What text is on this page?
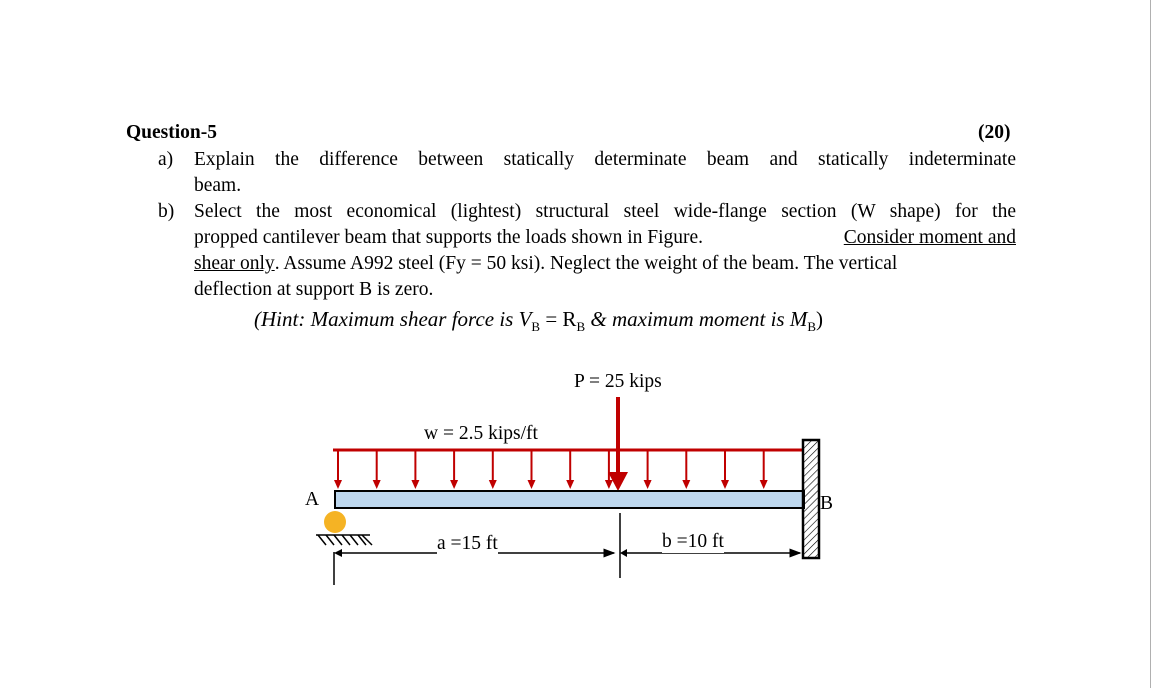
Question-5	(20)
a) Explain the difference between statically determinate beam and statically indeterminate
beam.
b) Select the most economical (lightest) structural steel wide-flange section (W shape) for the
propped cantilever beam that supports the loads shown in Figure.	Consider moment and
shear only . Assume A992 steel (Fy = 50 ksi). Neglect the weight of the beam. The vertical
deflection at support B is zero.
(Hint: Maximum shear force is $V_B = R_B$ & maximum moment is $M_B$)
P = 25 kips
w = 2.5 kips/ft
A	B
a =15 ft	b =10 ft
